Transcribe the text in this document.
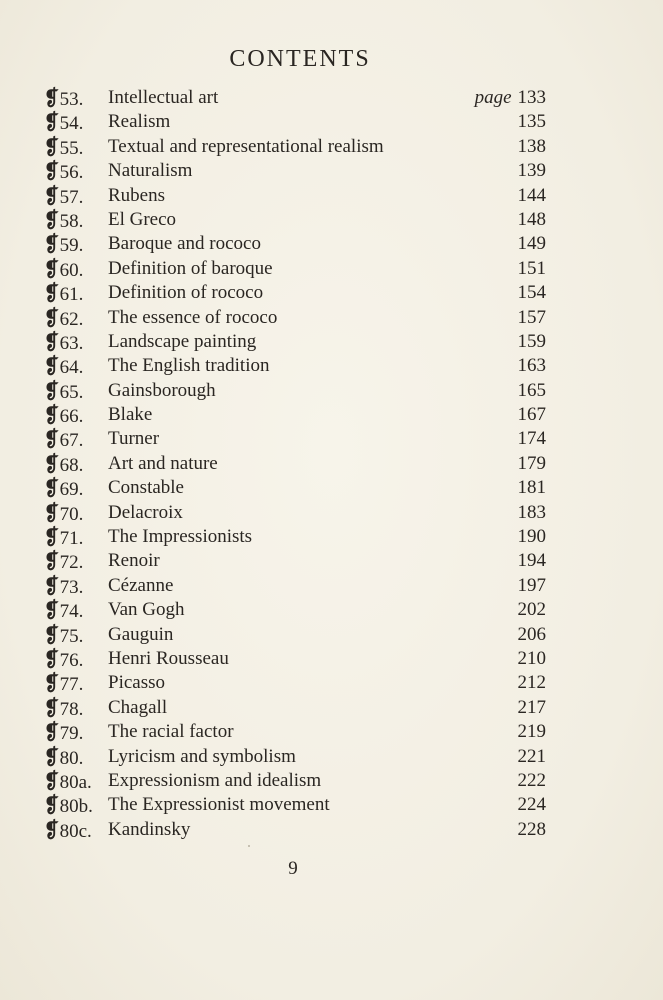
CONTENTS
❡53. Intellectual art	page 133
❡54. Realism	135
❡55. Textual and representational realism	138
❡56. Naturalism	139
❡57. Rubens	144
❡58. El Greco	148
❡59. Baroque and rococo	149
❡60. Definition of baroque	151
❡61. Definition of rococo	154
❡62. The essence of rococo	157
❡63. Landscape painting	159
❡64. The English tradition	163
❡65. Gainsborough	165
❡66. Blake	167
❡67. Turner	174
❡68. Art and nature	179
❡69. Constable	181
❡70. Delacroix	183
❡71. The Impressionists	190
❡72. Renoir	194
❡73. Cézanne	197
❡74. Van Gogh	202
❡75. Gauguin	206
❡76. Henri Rousseau	210
❡77. Picasso	212
❡78. Chagall	217
❡79. The racial factor	219
❡80. Lyricism and symbolism	221
❡80a. Expressionism and idealism	222
❡80b. The Expressionist movement	224
❡80c. Kandinsky	228
9
